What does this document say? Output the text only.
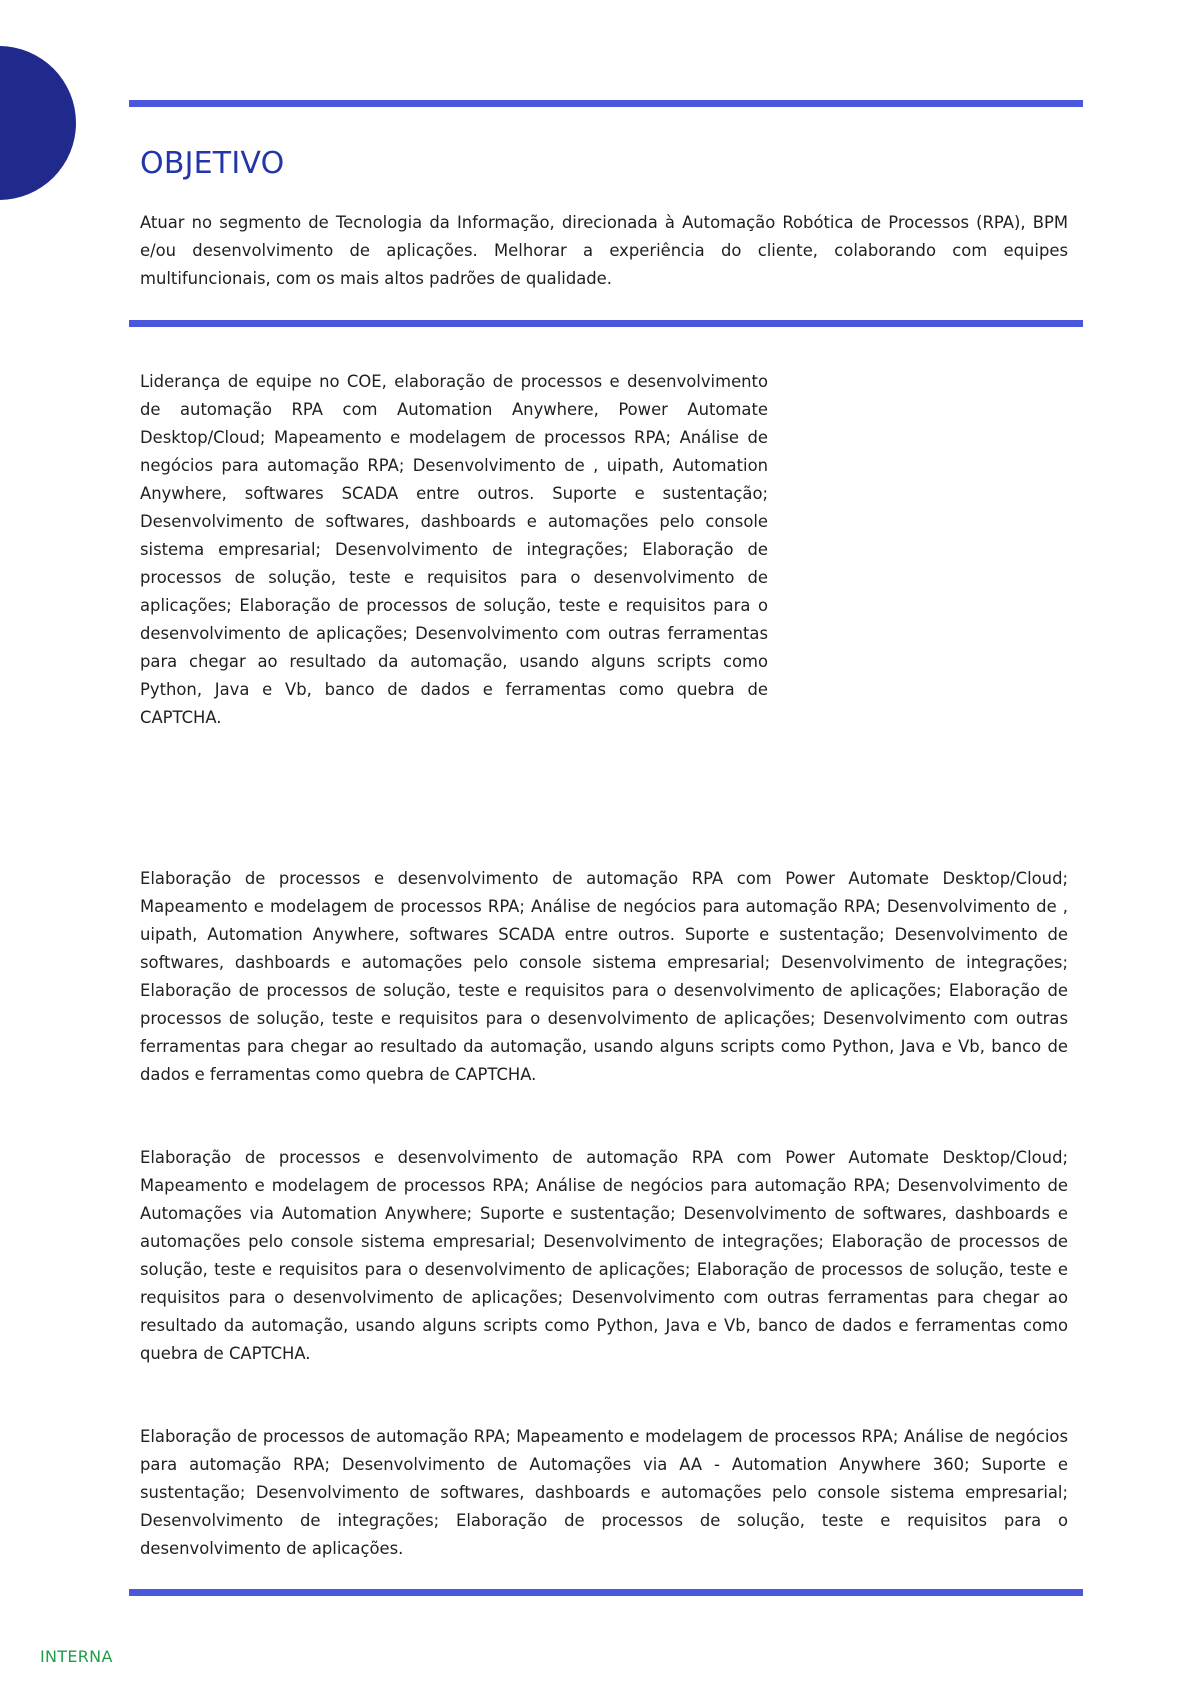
OBJETIVO

Atuar no segmento de Tecnologia da Informação, direcionada à Automação Robótica de Processos (RPA), BPM e/ou desenvolvimento de aplicações. Melhorar a experiência do cliente, colaborando com equipes multifuncionais, com os mais altos padrões de qualidade.

Liderança de equipe no COE, elaboração de processos e desenvolvimento de automação RPA com Automation Anywhere, Power Automate Desktop/Cloud; Mapeamento e modelagem de processos RPA; Análise de negócios para automação RPA; Desenvolvimento de , uipath, Automation Anywhere, softwares SCADA entre outros. Suporte e sustentação; Desenvolvimento de softwares, dashboards e automações pelo console sistema empresarial; Desenvolvimento de integrações; Elaboração de processos de solução, teste e requisitos para o desenvolvimento de aplicações; Elaboração de processos de solução, teste e requisitos para o desenvolvimento de aplicações; Desenvolvimento com outras ferramentas para chegar ao resultado da automação, usando alguns scripts como Python, Java e Vb, banco de dados e ferramentas como quebra de CAPTCHA.

Elaboração de processos e desenvolvimento de automação RPA com Power Automate Desktop/Cloud; Mapeamento e modelagem de processos RPA; Análise de negócios para automação RPA; Desenvolvimento de , uipath, Automation Anywhere, softwares SCADA entre outros. Suporte e sustentação; Desenvolvimento de softwares, dashboards e automações pelo console sistema empresarial; Desenvolvimento de integrações; Elaboração de processos de solução, teste e requisitos para o desenvolvimento de aplicações; Elaboração de processos de solução, teste e requisitos para o desenvolvimento de aplicações; Desenvolvimento com outras ferramentas para chegar ao resultado da automação, usando alguns scripts como Python, Java e Vb, banco de dados e ferramentas como quebra de CAPTCHA.

Elaboração de processos e desenvolvimento de automação RPA com Power Automate Desktop/Cloud; Mapeamento e modelagem de processos RPA; Análise de negócios para automação RPA; Desenvolvimento de Automações via Automation Anywhere; Suporte e sustentação; Desenvolvimento de softwares, dashboards e automações pelo console sistema empresarial; Desenvolvimento de integrações; Elaboração de processos de solução, teste e requisitos para o desenvolvimento de aplicações; Elaboração de processos de solução, teste e requisitos para o desenvolvimento de aplicações; Desenvolvimento com outras ferramentas para chegar ao resultado da automação, usando alguns scripts como Python, Java e Vb, banco de dados e ferramentas como quebra de CAPTCHA.

Elaboração de processos de automação RPA; Mapeamento e modelagem de processos RPA; Análise de negócios para automação RPA; Desenvolvimento de Automações via AA - Automation Anywhere 360; Suporte e sustentação; Desenvolvimento de softwares, dashboards e automações pelo console sistema empresarial; Desenvolvimento de integrações; Elaboração de processos de solução, teste e requisitos para o desenvolvimento de aplicações.

INTERNA
